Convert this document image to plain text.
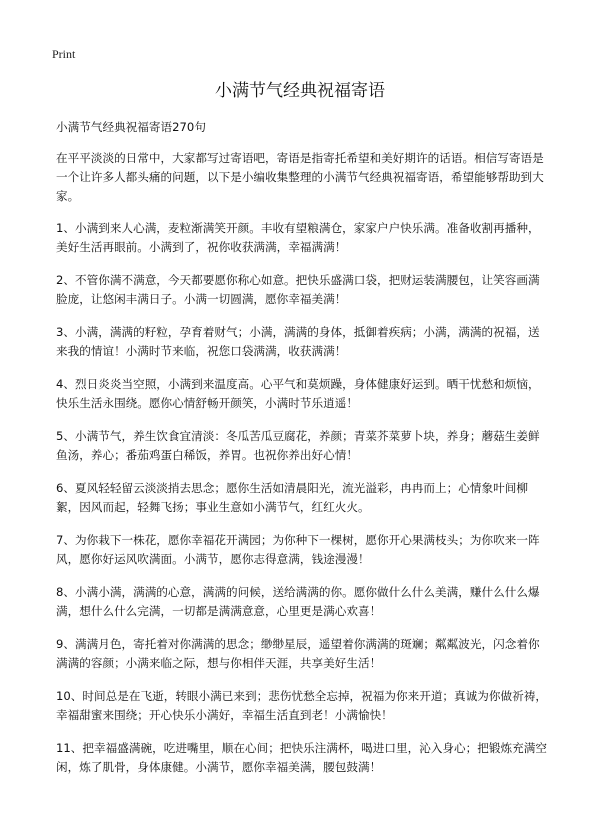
Print
小满节气经典祝福寄语

小满节气经典祝福寄语270句

在平平淡淡的日常中，大家都写过寄语吧，寄语是指寄托希望和美好期许的话语。相信写寄语是一个让许多人都头痛的问题，以下是小编收集整理的小满节气经典祝福寄语，希望能够帮助到大家。

1、小满到来人心满，麦粒渐满笑开颜。丰收有望粮满仓，家家户户快乐满。准备收割再播种，美好生活再眼前。小满到了，祝你收获满满，幸福满满！

2、不管你满不满意，今天都要愿你称心如意。把快乐盛满口袋，把财运装满腰包，让笑容画满脸庞，让悠闲丰满日子。小满一切圆满，愿你幸福美满！

3、小满，满满的籽粒，孕育着财气；小满，满满的身体，抵御着疾病；小满，满满的祝福，送来我的情谊！小满时节来临，祝您口袋满满，收获满满！

4、烈日炎炎当空照，小满到来温度高。心平气和莫烦躁，身体健康好运到。晒干忧愁和烦恼，快乐生活永围绕。愿你心情舒畅开颜笑，小满时节乐逍遥！

5、小满节气，养生饮食宜清淡：冬瓜苦瓜豆腐花，养颜；青菜芥菜萝卜块，养身；蘑菇生姜鲜鱼汤，养心；番茄鸡蛋白稀饭，养胃。也祝你养出好心情！

6、夏风轻轻留云淡淡捎去思念；愿你生活如清晨阳光，流光溢彩，冉冉而上；心情象叶间柳絮，因风而起，轻舞飞扬；事业生意如小满节气，红红火火。

7、为你栽下一株花，愿你幸福花开满园；为你种下一棵树，愿你开心果满枝头；为你吹来一阵风，愿你好运风吹满面。小满节，愿你志得意满，钱途漫漫！

8、小满小满，满满的心意，满满的问候，送给满满的你。愿你做什么什么美满，赚什么什么爆满，想什么什么完满，一切都是满满意意，心里更是满心欢喜！

9、满满月色，寄托着对你满满的思念；缈缈星辰，遥望着你满满的斑斓；粼粼波光，闪念着你满满的容颜；小满来临之际，想与你相伴天涯，共享美好生活！

10、时间总是在飞逝，转眼小满已来到；悲伤忧愁全忘掉，祝福为你来开道；真诚为你做祈祷，幸福甜蜜来围绕；开心快乐小满好，幸福生活直到老！小满愉快！

11、把幸福盛满碗，吃进嘴里，顺在心间；把快乐注满杯，喝进口里，沁入身心；把锻炼充满空闲，炼了肌骨，身体康健。小满节，愿你幸福美满，腰包鼓满！
